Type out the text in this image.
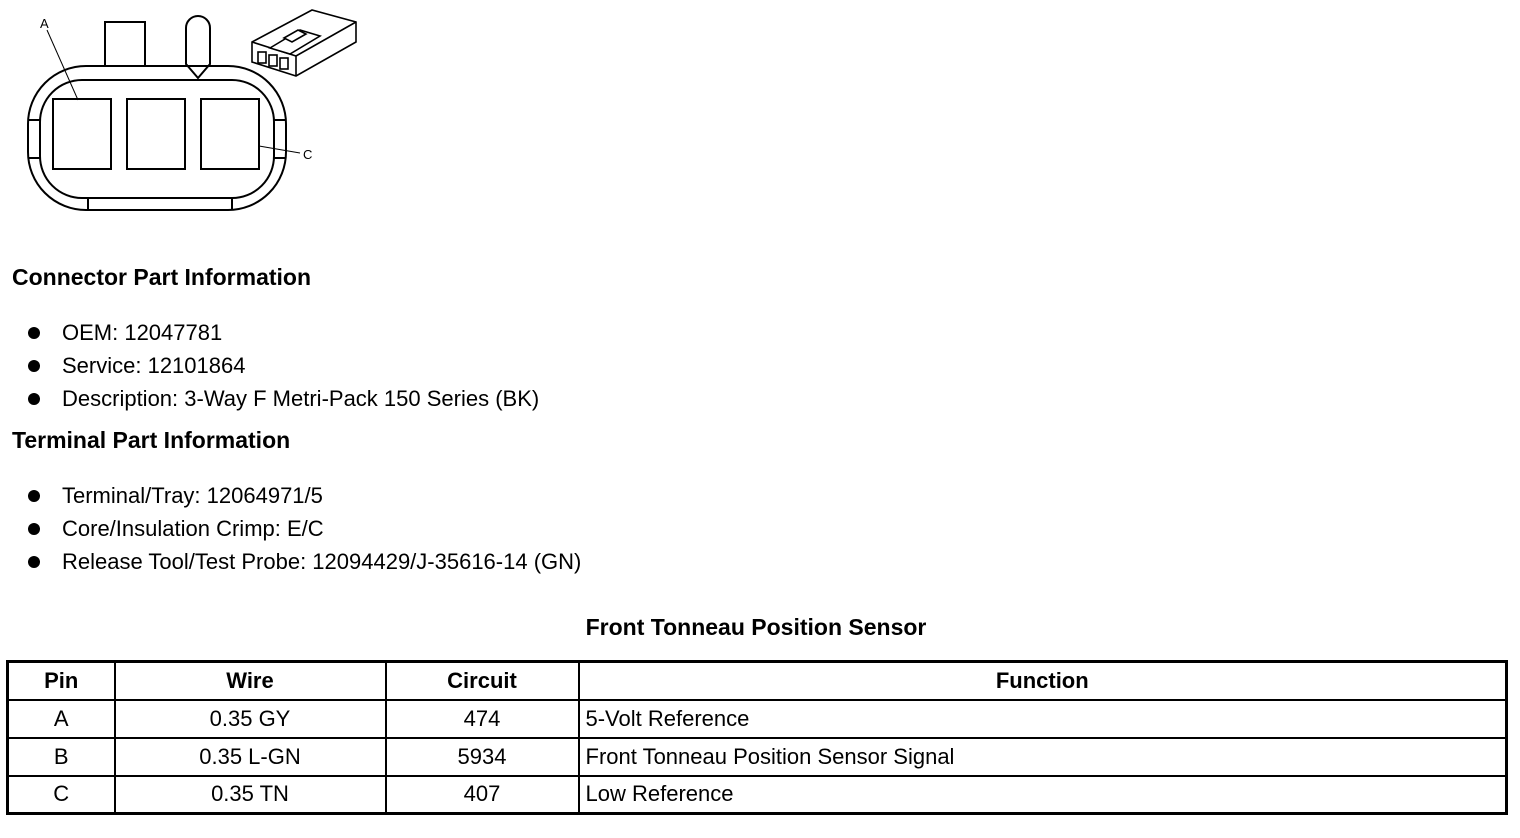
A
C
Connector Part Information
OEM: 12047781
Service: 12101864
Description: 3-Way F Metri-Pack 150 Series (BK)
Terminal Part Information
Terminal/Tray: 12064971/5
Core/Insulation Crimp: E/C
Release Tool/Test Probe: 12094429/J-35616-14 (GN)
Front Tonneau Position Sensor
Pin	Wire	Circuit	Function
A	0.35 GY	474	5-Volt Reference
B	0.35 L-GN	5934	Front Tonneau Position Sensor Signal
C	0.35 TN	407	Low Reference
